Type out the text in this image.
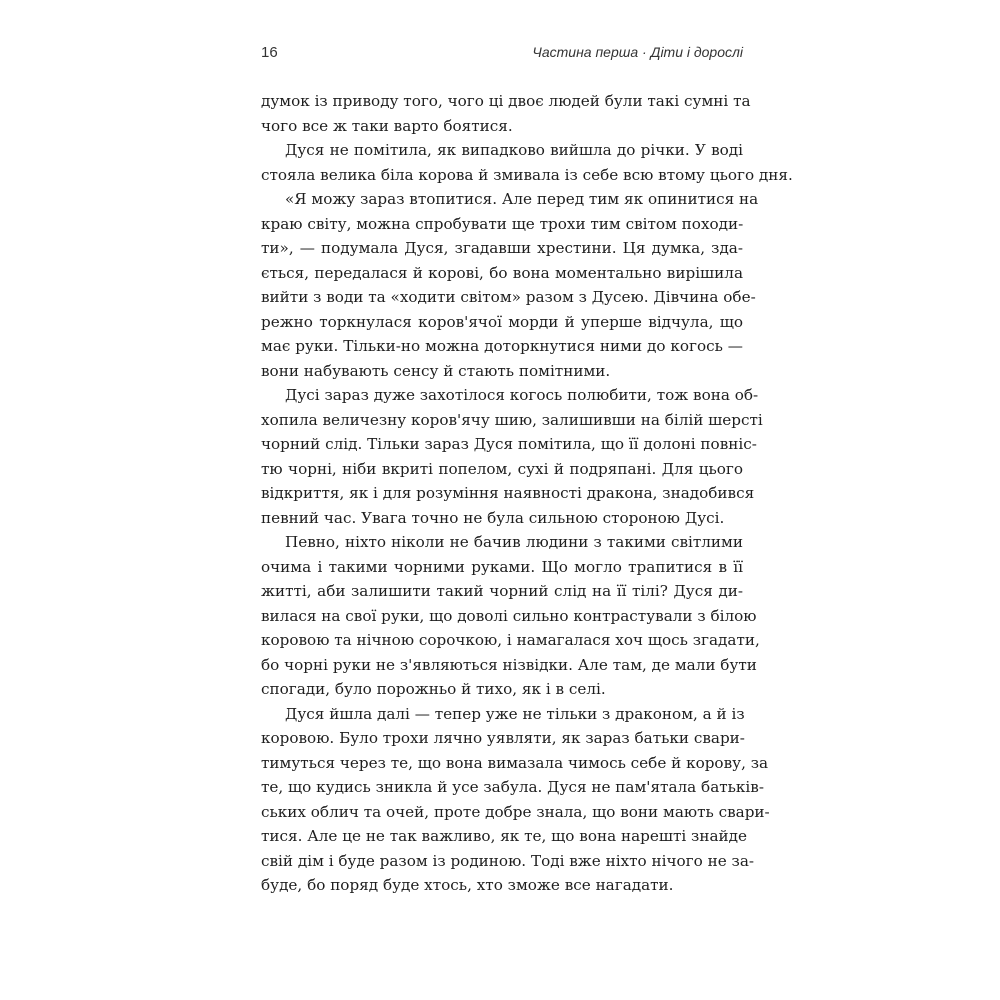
16	Частина перша · Діти і дорослі
думок із приводу того, чого ці двоє людей були такі сумні та
чого все ж таки варто боятися.
Дуся не помітила, як випадково вийшла до річки. У воді
стояла велика біла корова й змивала із себе всю втому цього дня.
«Я можу зараз втопитися. Але перед тим як опинитися на
краю світу, можна спробувати ще трохи тим світом походи-
ти», — подумала Дуся, згадавши хрестини. Ця думка, зда-
ється, передалася й корові, бо вона моментально вирішила
вийти з води та «ходити світом» разом з Дусею. Дівчина обе-
режно торкнулася коров'ячої морди й уперше відчула, що
має руки. Тільки-но можна доторкнутися ними до когось —
вони набувають сенсу й стають помітними.
Дусі зараз дуже захотілося когось полюбити, тож вона об-
хопила величезну коров'ячу шию, залишивши на білій шерсті
чорний слід. Тільки зараз Дуся помітила, що її долоні повніс-
тю чорні, ніби вкриті попелом, сухі й подряпані. Для цього
відкриття, як і для розуміння наявності дракона, знадобився
певний час. Увага точно не була сильною стороною Дусі.
Певно, ніхто ніколи не бачив людини з такими світлими
очима і такими чорними руками. Що могло трапитися в її
житті, аби залишити такий чорний слід на її тілі? Дуся ди-
вилася на свої руки, що доволі сильно контрастували з білою
коровою та нічною сорочкою, і намагалася хоч щось згадати,
бо чорні руки не з'являються нізвідки. Але там, де мали бути
спогади, було порожньо й тихо, як і в селі.
Дуся йшла далі — тепер уже не тільки з драконом, а й із
коровою. Було трохи лячно уявляти, як зараз батьки свари-
тимуться через те, що вона вимазала чимось себе й корову, за
те, що кудись зникла й усе забула. Дуся не пам'ятала батьків-
ських облич та очей, проте добре знала, що вони мають свари-
тися. Але це не так важливо, як те, що вона нарешті знайде
свій дім і буде разом із родиною. Тоді вже ніхто нічого не за-
буде, бо поряд буде хтось, хто зможе все нагадати.
